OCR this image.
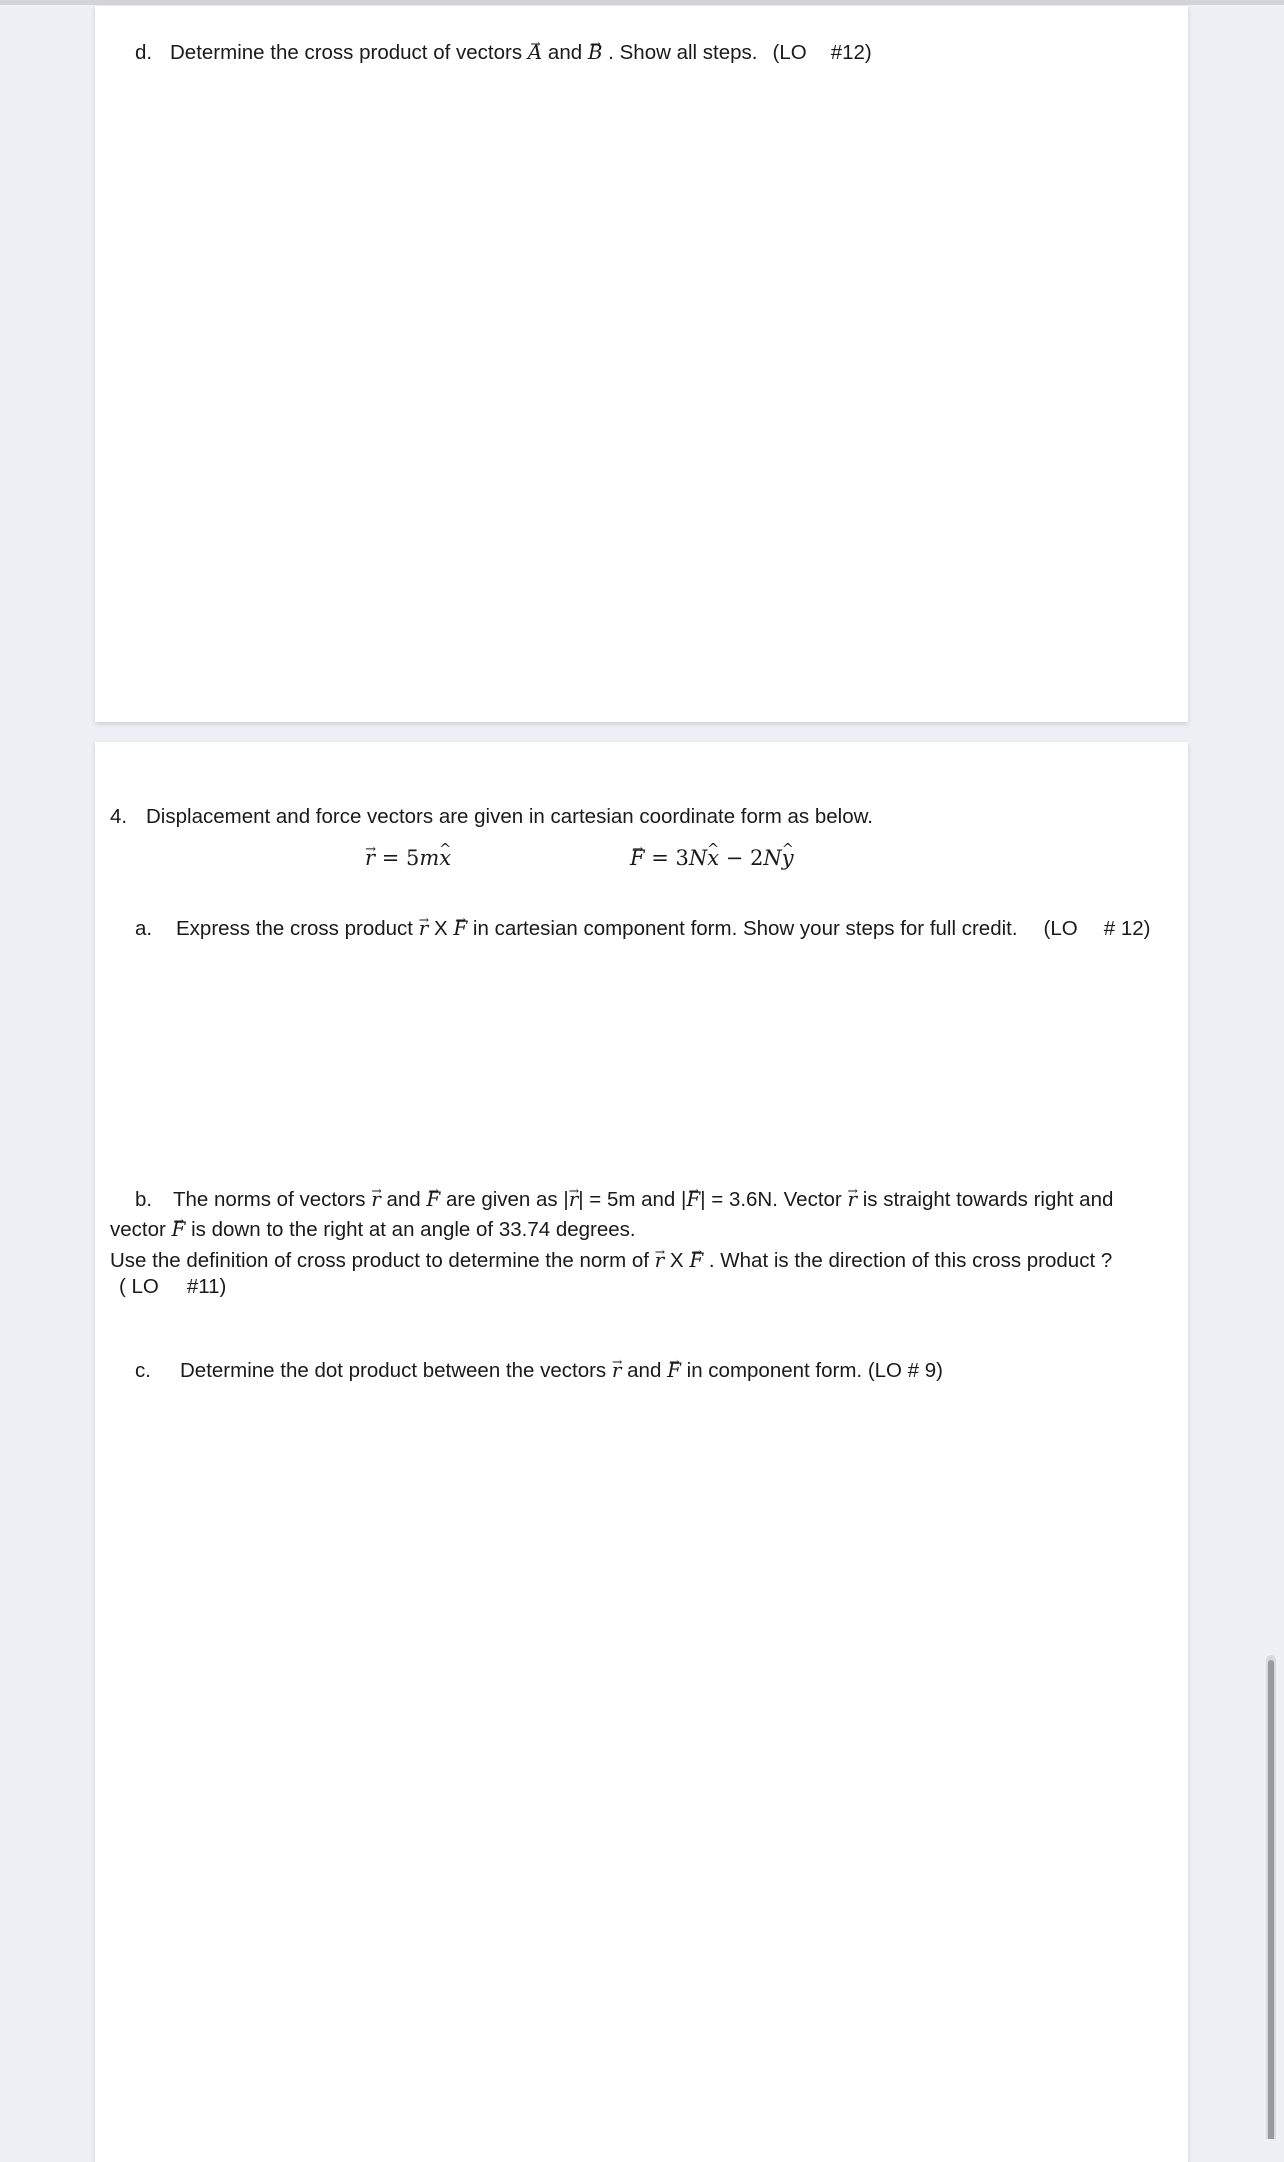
d. Determine the cross product of vectors → A and → B . Show all steps. (LO #12)
4. Displacement and force vectors are given in cartesian coordinate form as below.
→ r = 5m^ x
→	F = 3N^ x − 2N^ y
a. Express the cross product → r X → F in cartesian component form. Show your steps for full credit. (LO # 12)
b. The norms of vectors → r and → F are given as |→ r| = 5m and |→ F| = 3.6N. Vector → r is straight towards right and
vector → F is down to the right at an angle of 33.74 degrees.
Use the definition of cross product to determine the norm of → r X → F . What is the direction of this cross product ?
( LO #11)
c. Determine the dot product between the vectors → r and → F in component form. (LO # 9)
